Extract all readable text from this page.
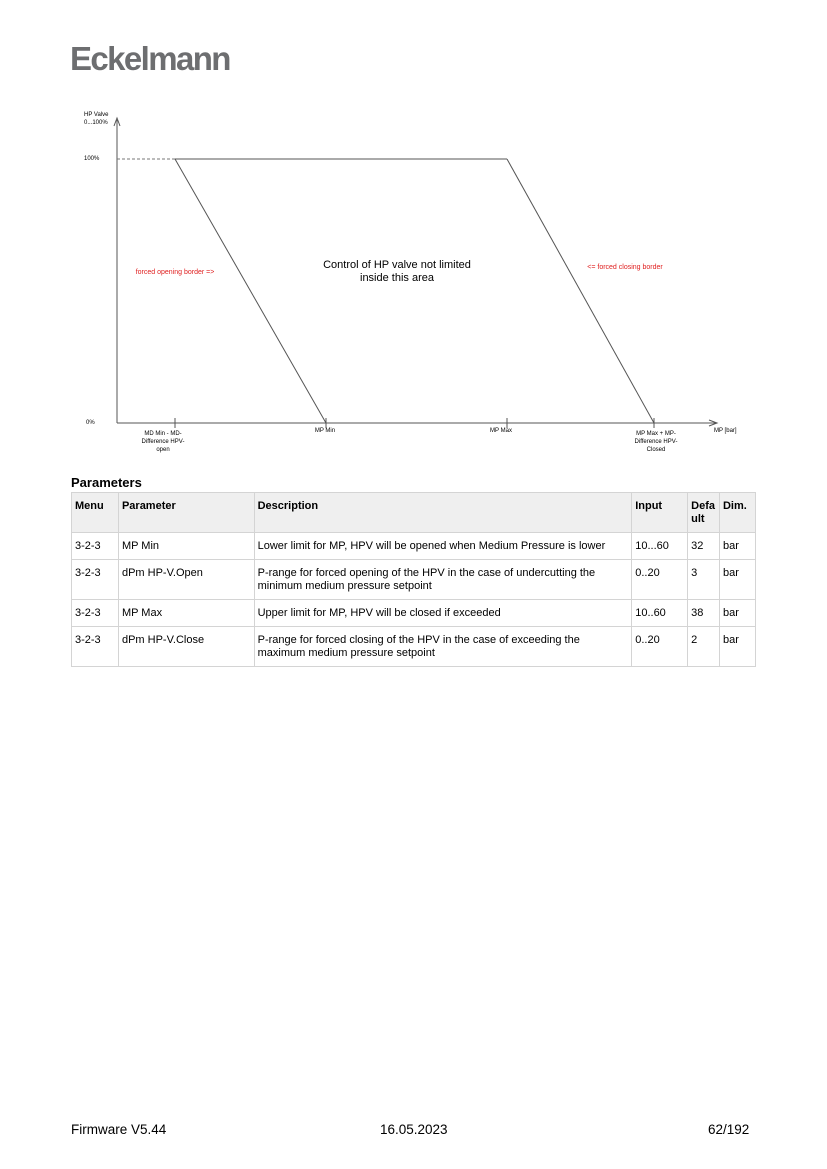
Eckelmann
HP Valve
0...100%
100%
0%
MD Min - MD-
Difference HPV-
open
MP Min	MP Max	MP Max + MP-
Difference HPV-
Closed
MP [bar]
Control of HP valve not limited
inside this area
forced opening border =>
<= forced closing border
Parameters
Menu	Parameter	Description	Input	Defa ult	Dim.
3-2-3	MP Min	Lower limit for MP, HPV will be opened when Medium Pressure is lower	10...60	32	bar
3-2-3	dPm HP-V.Open	P-range for forced opening of the HPV in the case of undercutting the minimum medium pressure setpoint	0..20	3	bar
3-2-3	MP Max	Upper limit for MP, HPV will be closed if exceeded	10..60	38	bar
3-2-3	dPm HP-V.Close	P-range for forced closing of the HPV in the case of exceeding the maximum medium pressure setpoint	0..20	2	bar
Firmware V5.44	16.05.2023	62/192
